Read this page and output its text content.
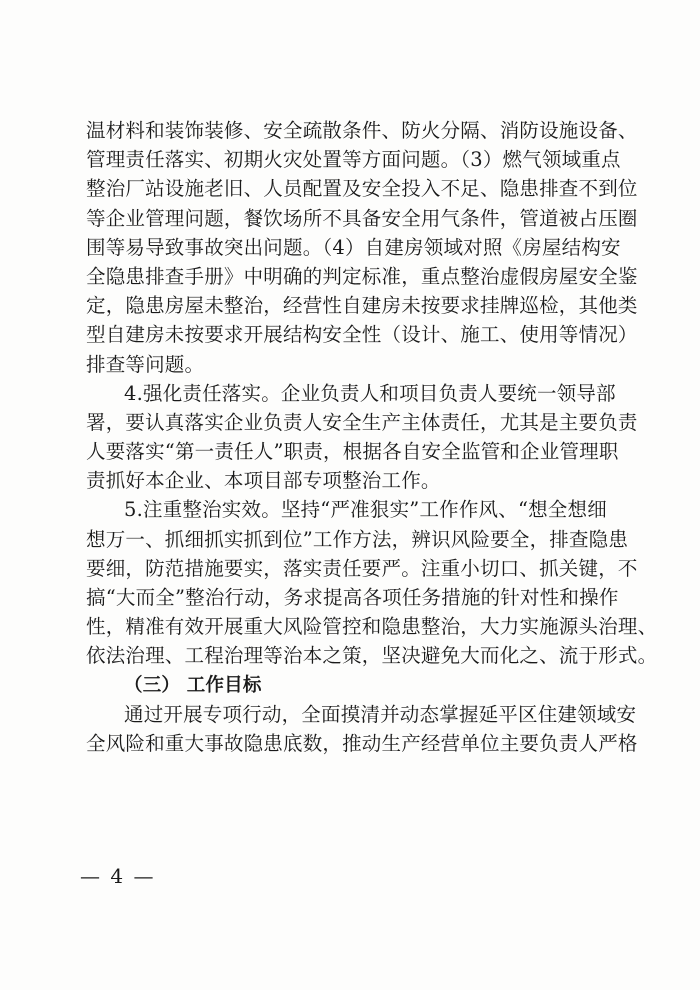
温材料和装饰装修、安全疏散条件、防火分隔、消防设施设备、
管理责任落实、初期火灾处置等方面问题。（3）燃气领域重点
整治厂站设施老旧、人员配置及安全投入不足、隐患排查不到位
等企业管理问题，餐饮场所不具备安全用气条件，管道被占压圈
围等易导致事故突出问题。（4）自建房领域对照《房屋结构安
全隐患排查手册》中明确的判定标准，重点整治虚假房屋安全鉴
定，隐患房屋未整治，经营性自建房未按要求挂牌巡检，其他类
型自建房未按要求开展结构安全性（设计、施工、使用等情况）
排查等问题。
4.强化责任落实。企业负责人和项目负责人要统一领导部
署，要认真落实企业负责人安全生产主体责任，尤其是主要负责
人要落实“第一责任人”职责，根据各自安全监管和企业管理职
责抓好本企业、本项目部专项整治工作。
5.注重整治实效。坚持“严准狠实”工作作风、“想全想细
想万一、抓细抓实抓到位”工作方法，辨识风险要全，排查隐患
要细，防范措施要实，落实责任要严。注重小切口、抓关键，不
搞“大而全”整治行动，务求提高各项任务措施的针对性和操作
性，精准有效开展重大风险管控和隐患整治，大力实施源头治理、
依法治理、工程治理等治本之策，坚决避免大而化之、流于形式。
（三） 工作目标
通过开展专项行动，全面摸清并动态掌握延平区住建领域安
全风险和重大事故隐患底数，推动生产经营单位主要负责人严格
— 4 —
